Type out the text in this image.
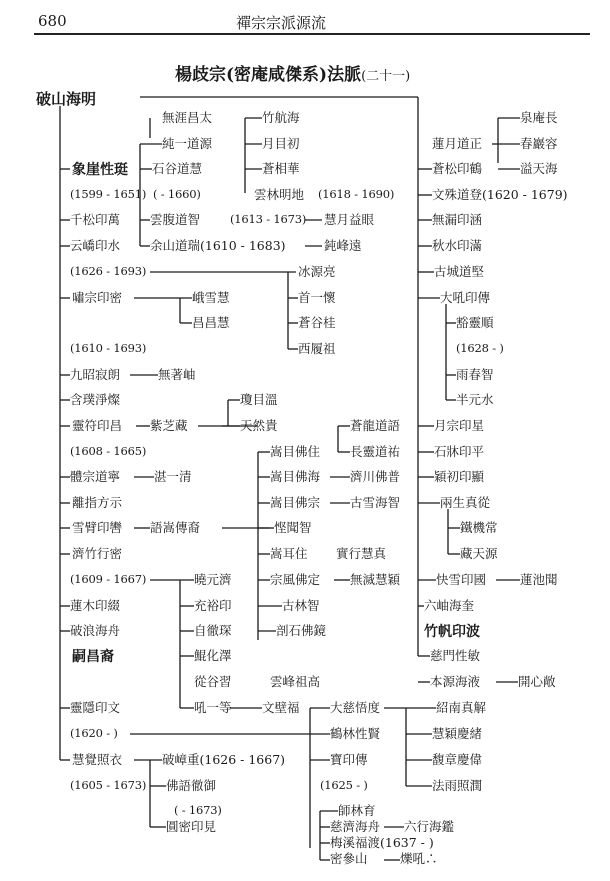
680	禪宗宗派源流
楊歧宗(密庵咸傑系)法脈(二十一)
破山海明
無涯昌太	竹航海
純一道源	月目初
象崖性珽 石谷道慧	蒼相華
(1599 - 1651) ( - 1660)	雲林明地 (1618 - 1690)
千松印萬 雲腹道智	(1613 - 1673) 慧月益眼
云嶠印水 余山道瑞(1610 - 1683)	鈍峰遠
(1626 - 1693)	冰源亮
嘯宗印密	峨雪慧	首一懷
昌昌慧	蒼谷桂
(1610 - 1693)	西履祖
九昭寂朗	無著岫
含璞淨燦	瓊目溫
靈符印昌 紫芝藏	天然貴
(1608 - 1665)
蒼龍道語
嵩目佛住 長靈道祐
體宗道寧	湛一清	嵩目佛海 濟川佛普
離指方示	嵩目佛宗 古雪海智
雪臂印轡 語嵩傳裔	悭聞智
濟竹行密	嵩耳住 實行慧真
(1609 - 1667)	曉元濟	宗風佛定 無滅慧穎
蓮木印綴	充裕印	古林智
破浪海舟	自徹琛	剖石佛鏡
嗣昌裔	鯤化澤
從谷習	雲峰祖高
靈隱印文	吼一等 文壁福
(1620 - )
大慈悟度
鶴林性賢
慧覺照衣	破嶂重(1626 - 1667)	寶印傳
(1605 - 1673) 佛語徹御	(1625 - )
( - 1673)
圓密印見
師林育
慈濟海舟 六行海鑑
梅溪福渡(1637 - )
密參山	爍吼∴
泉庵長
蓮月道正	春巖容
蒼松印鶴	溢天海
文殊道登(1620 - 1679)
無漏印涵
秋水印滿
古城道堅
大吼印傳
豁靈順
(1628 - )
雨春智
半元水
月宗印星
石牀印平
穎初印顯
兩生真從
鐵機常
藏天源
快雪印國	蓮池聞
六岫海奎
竹帆印波
慈門性敏
本源海液	開心敞
紹南真解
慧穎慶緒
馥章慶偉
法雨照潤
